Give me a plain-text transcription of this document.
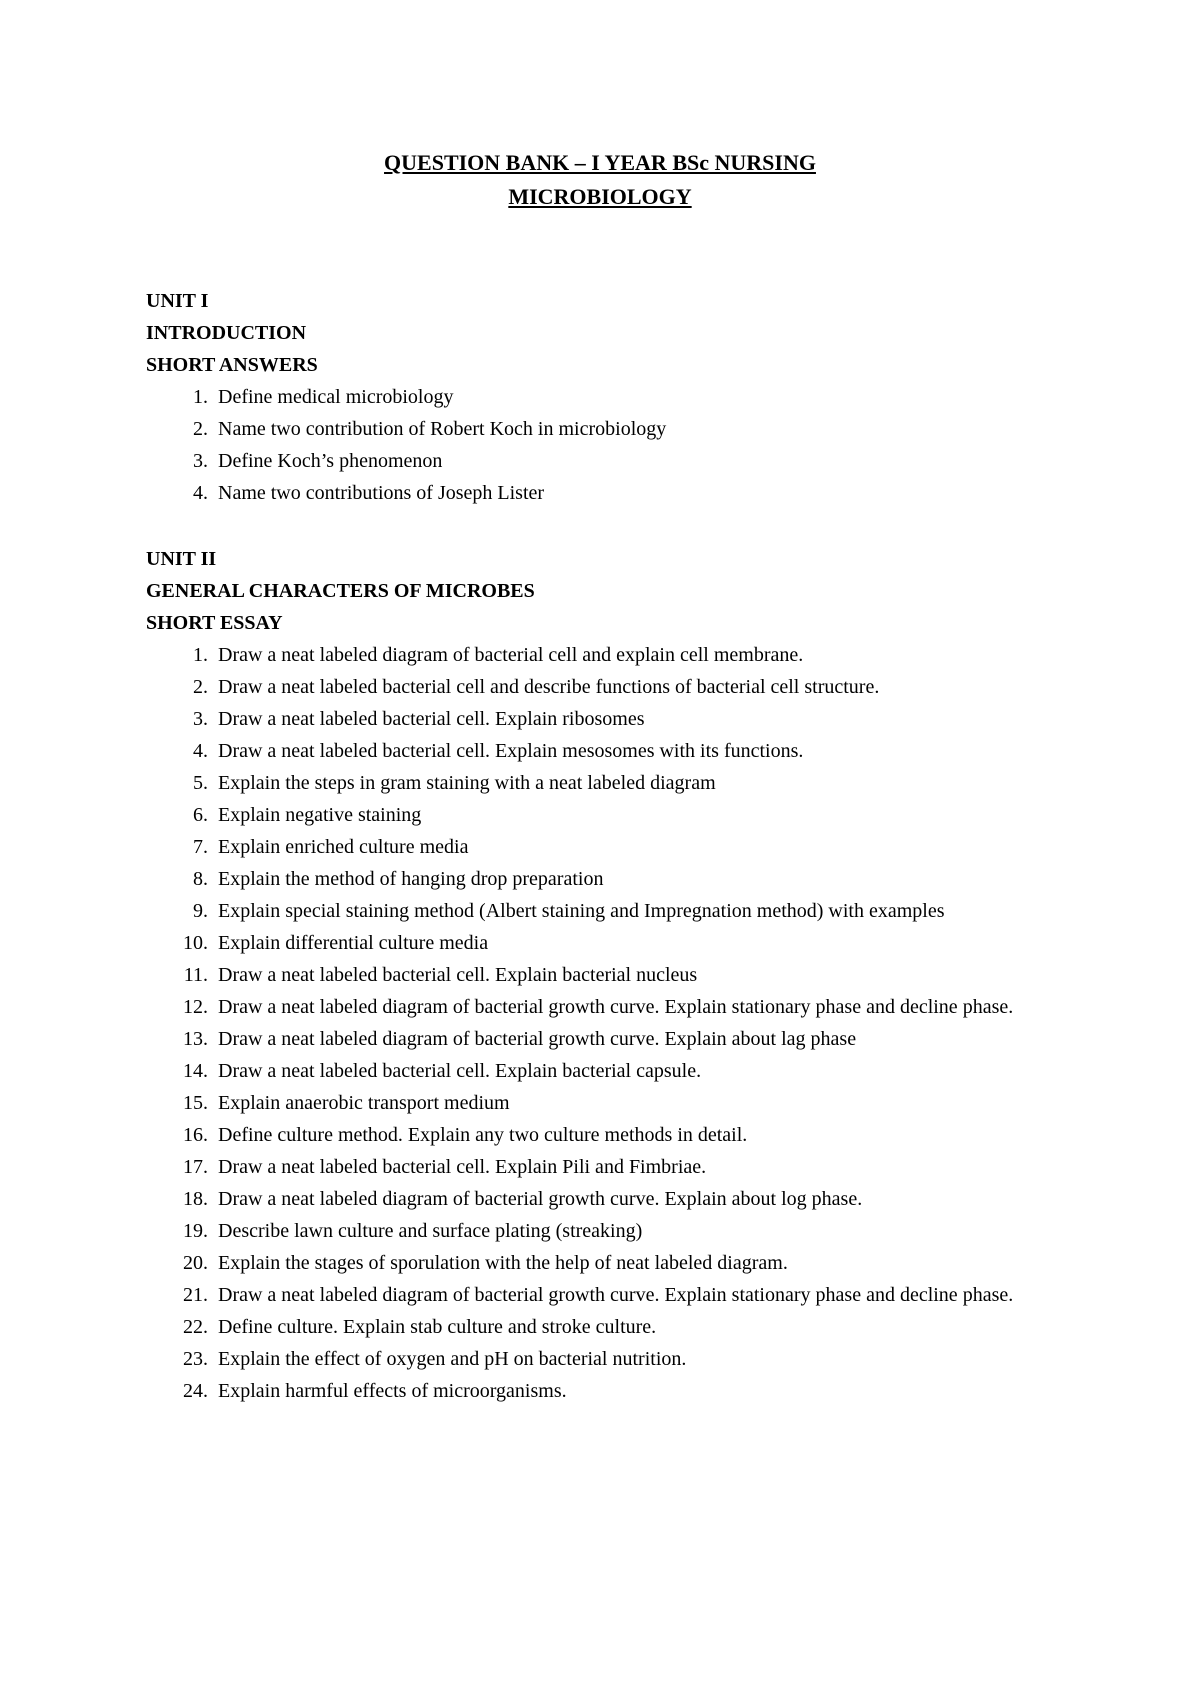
QUESTION BANK – I YEAR BSc NURSING

MICROBIOLOGY

UNIT I

INTRODUCTION

SHORT ANSWERS

1. Define medical microbiology
2. Name two contribution of Robert Koch in microbiology
3. Define Koch’s phenomenon
4. Name two contributions of Joseph Lister

UNIT II

GENERAL CHARACTERS OF MICROBES

SHORT ESSAY

1. Draw a neat labeled diagram of bacterial cell and explain cell membrane.
2. Draw a neat labeled bacterial cell and describe functions of bacterial cell structure.
3. Draw a neat labeled bacterial cell. Explain ribosomes
4. Draw a neat labeled bacterial cell. Explain mesosomes with its functions.
5. Explain the steps in gram staining with a neat labeled diagram
6. Explain negative staining
7. Explain enriched culture media
8. Explain the method of hanging drop preparation
9. Explain special staining method (Albert staining and Impregnation method) with examples
10. Explain differential culture media
11. Draw a neat labeled bacterial cell. Explain bacterial nucleus
12. Draw a neat labeled diagram of bacterial growth curve. Explain stationary phase and decline phase.
13. Draw a neat labeled diagram of bacterial growth curve. Explain about lag phase
14. Draw a neat labeled bacterial cell. Explain bacterial capsule.
15. Explain anaerobic transport medium
16. Define culture method. Explain any two culture methods in detail.
17. Draw a neat labeled bacterial cell. Explain Pili and Fimbriae.
18. Draw a neat labeled diagram of bacterial growth curve. Explain about log phase.
19. Describe lawn culture and surface plating (streaking)
20. Explain the stages of sporulation with the help of neat labeled diagram.
21. Draw a neat labeled diagram of bacterial growth curve. Explain stationary phase and decline phase.
22. Define culture. Explain stab culture and stroke culture.
23. Explain the effect of oxygen and pH on bacterial nutrition.
24. Explain harmful effects of microorganisms.
